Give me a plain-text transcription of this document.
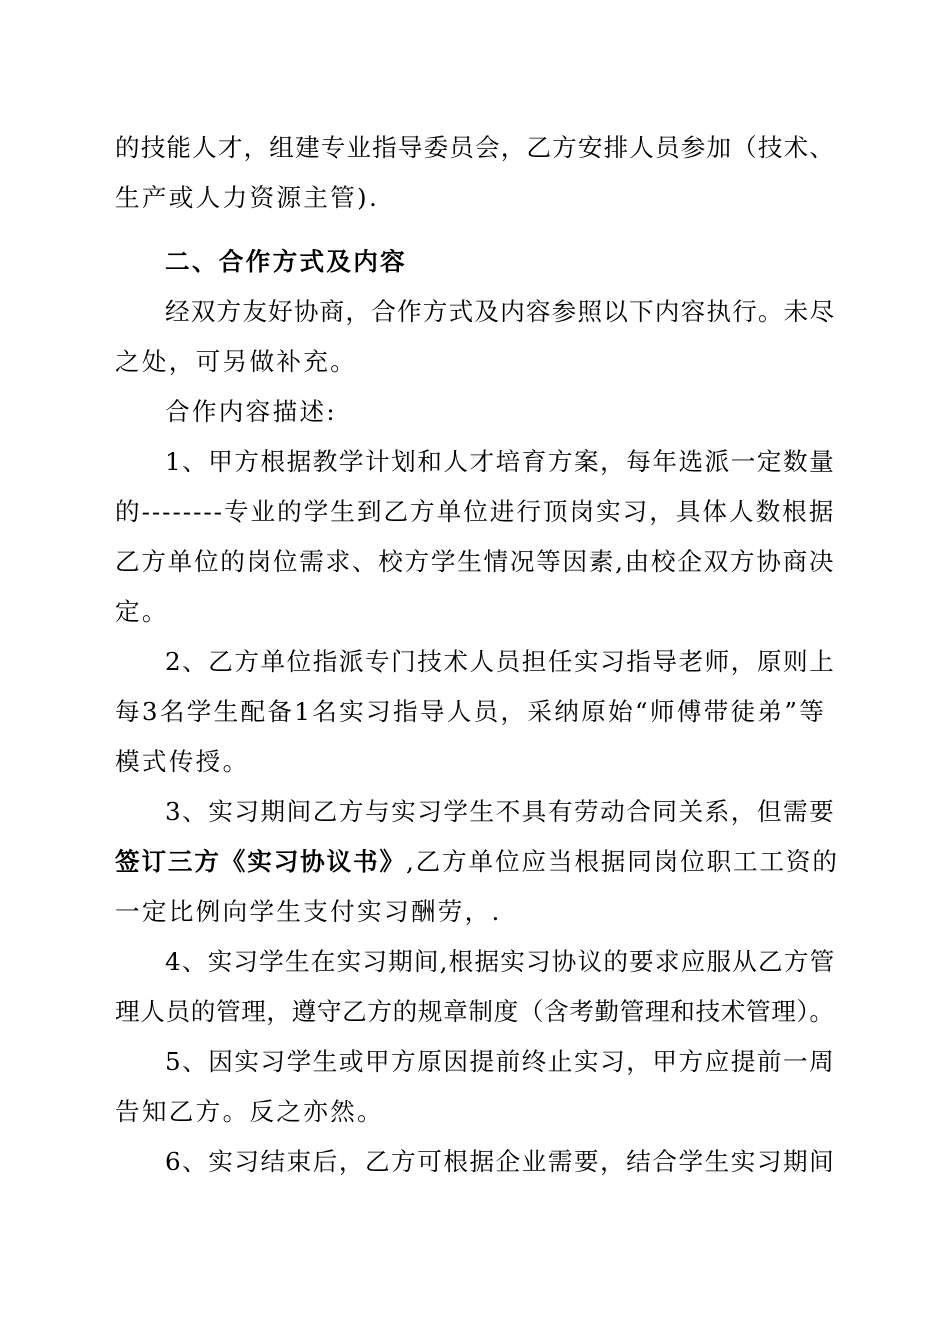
的技能人才，组建专业指导委员会，乙方安排人员参加（技术、
生产或人力资源主管).
二、合作方式及内容
经双方友好协商，合作方式及内容参照以下内容执行。未尽
之处，可另做补充。
合作内容描述:
1、甲方根据教学计划和人才培育方案，每年选派一定数量
的--------专业的学生到乙方单位进行顶岗实习，具体人数根据
乙方单位的岗位需求、校方学生情况等因素,由校企双方协商决
定。
2、乙方单位指派专门技术人员担任实习指导老师，原则上
每3名学生配备1名实习指导人员，采纳原始“师傅带徒弟”等
模式传授。
3、实习期间乙方与实习学生不具有劳动合同关系，但需要
签订三方《实习协议书》,乙方单位应当根据同岗位职工工资的
一定比例向学生支付实习酬劳，.
4、实习学生在实习期间,根据实习协议的要求应服从乙方管
理人员的管理，遵守乙方的规章制度（含考勤管理和技术管理）。
5、因实习学生或甲方原因提前终止实习，甲方应提前一周
告知乙方。反之亦然。
6、实习结束后，乙方可根据企业需要，结合学生实习期间
